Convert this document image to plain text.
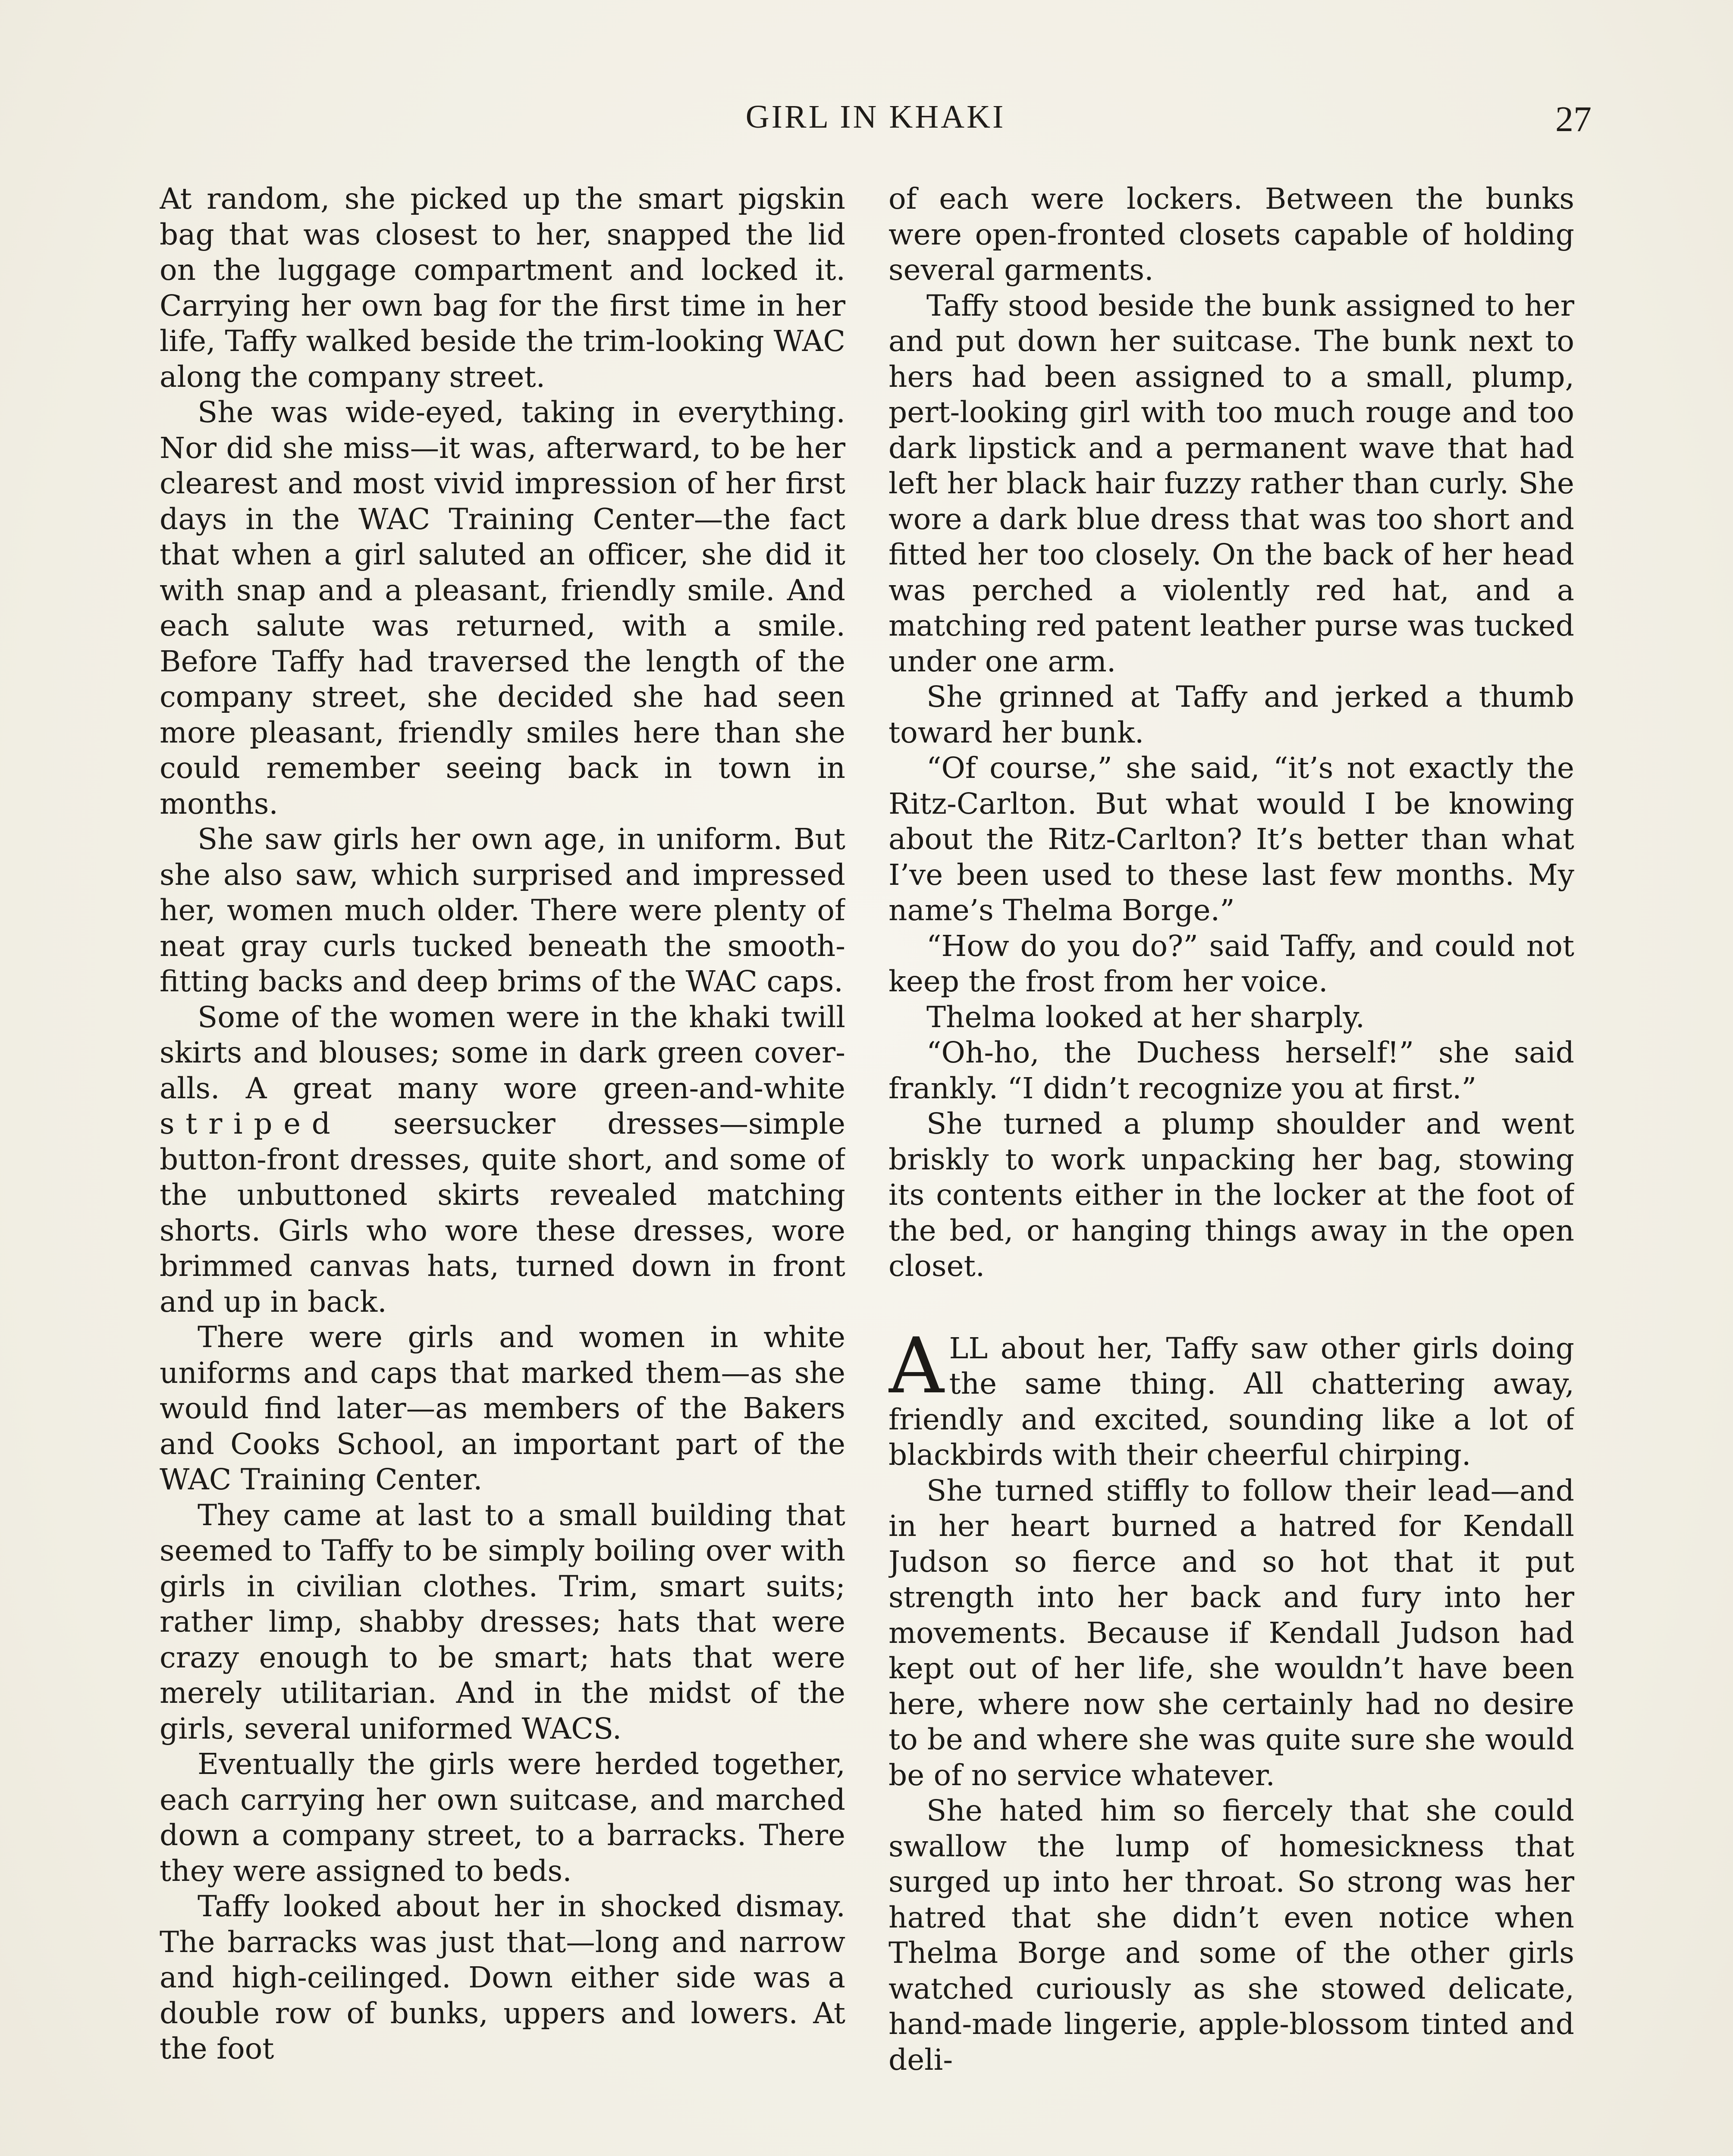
GIRL IN KHAKI	27

At random, she picked up the smart pigskin bag that was closest to her, snapped the lid on the luggage compartment and locked it. Carrying her own bag for the first time in her life, Taffy walked beside the trim-looking WAC along the company street.

She was wide-eyed, taking in everything. Nor did she miss—it was, afterward, to be her clearest and most vivid impression of her first days in the WAC Training Center—the fact that when a girl saluted an officer, she did it with snap and a pleasant, friendly smile. And each salute was returned, with a smile. Before Taffy had traversed the length of the company street, she decided she had seen more pleasant, friendly smiles here than she could remember seeing back in town in months.

She saw girls her own age, in uniform. But she also saw, which surprised and impressed her, women much older. There were plenty of neat gray curls tucked beneath the smooth-fitting backs and deep brims of the WAC caps.

Some of the women were in the khaki twill skirts and blouses; some in dark green cover-alls. A great many wore green-and-white striped seersucker dresses—simple button-front dresses, quite short, and some of the unbuttoned skirts revealed matching shorts. Girls who wore these dresses, wore brimmed canvas hats, turned down in front and up in back.

There were girls and women in white uniforms and caps that marked them—as she would find later—as members of the Bakers and Cooks School, an important part of the WAC Training Center.

They came at last to a small building that seemed to Taffy to be simply boiling over with girls in civilian clothes. Trim, smart suits; rather limp, shabby dresses; hats that were crazy enough to be smart; hats that were merely utilitarian. And in the midst of the girls, several uniformed WACS.

Eventually the girls were herded together, each carrying her own suitcase, and marched down a company street, to a barracks. There they were assigned to beds.

Taffy looked about her in shocked dismay. The barracks was just that—long and narrow and high-ceilinged. Down either side was a double row of bunks, uppers and lowers. At the foot

of each were lockers. Between the bunks were open-fronted closets capable of holding several garments.

Taffy stood beside the bunk assigned to her and put down her suitcase. The bunk next to hers had been assigned to a small, plump, pert-looking girl with too much rouge and too dark lipstick and a permanent wave that had left her black hair fuzzy rather than curly. She wore a dark blue dress that was too short and fitted her too closely. On the back of her head was perched a violently red hat, and a matching red patent leather purse was tucked under one arm.

She grinned at Taffy and jerked a thumb toward her bunk.

“Of course,” she said, “it’s not exactly the Ritz-Carlton. But what would I be knowing about the Ritz-Carlton? It’s better than what I’ve been used to these last few months. My name’s Thelma Borge.”

“How do you do?” said Taffy, and could not keep the frost from her voice.

Thelma looked at her sharply.

“Oh-ho, the Duchess herself!” she said frankly. “I didn’t recognize you at first.”

She turned a plump shoulder and went briskly to work unpacking her bag, stowing its contents either in the locker at the foot of the bed, or hanging things away in the open closet.

ALL about her, Taffy saw other girls doing the same thing. All chattering away, friendly and excited, sounding like a lot of blackbirds with their cheerful chirping.

She turned stiffly to follow their lead—and in her heart burned a hatred for Kendall Judson so fierce and so hot that it put strength into her back and fury into her movements. Because if Kendall Judson had kept out of her life, she wouldn’t have been here, where now she certainly had no desire to be and where she was quite sure she would be of no service whatever.

She hated him so fiercely that she could swallow the lump of homesickness that surged up into her throat. So strong was her hatred that she didn’t even notice when Thelma Borge and some of the other girls watched curiously as she stowed delicate, hand-made lingerie, apple-blossom tinted and deli-
